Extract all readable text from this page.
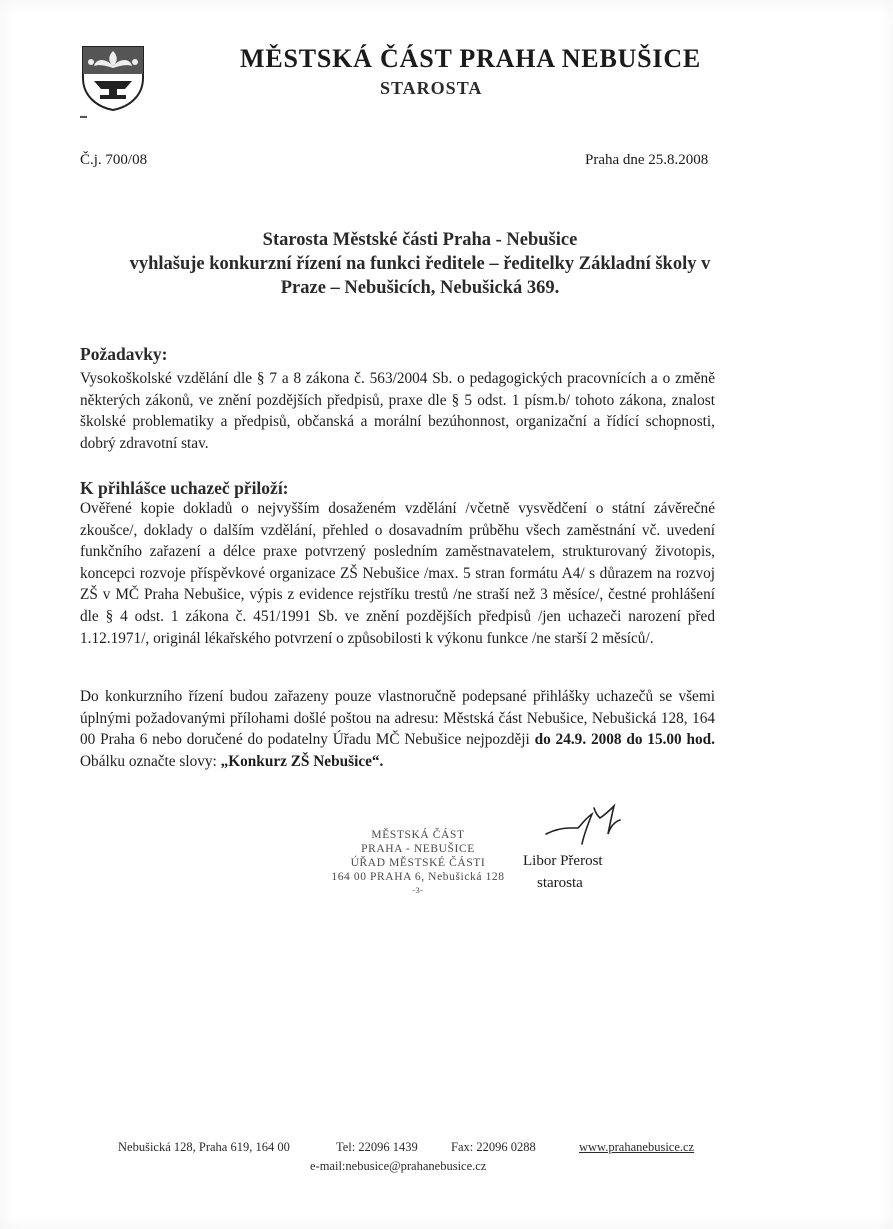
▬
MĚSTSKÁ ČÁST PRAHA NEBUŠICE
STAROSTA
Č.j. 700/08	Praha dne 25.8.2008
Starosta Městské části Praha - Nebušice
vyhlašuje konkurzní řízení na funkci ředitele – ředitelky Základní školy v
Praze – Nebušicích, Nebušická 369.
Požadavky:
Vysokoškolské vzdělání dle § 7 a 8 zákona č. 563/2004 Sb. o pedagogických pracovnících a o změně některých zákonů, ve znění pozdějších předpisů, praxe dle § 5 odst. 1 písm.b/ tohoto zákona, znalost školské problematiky a předpisů, občanská a morální bezúhonnost, organizační a řídící schopnosti, dobrý zdravotní stav.
K přihlášce uchazeč přiloží:
Ověřené kopie dokladů o nejvyšším dosaženém vzdělání /včetně vysvědčení o státní závěrečné zkoušce/, doklady o dalším vzdělání, přehled o dosavadním průběhu všech zaměstnání vč. uvedení funkčního zařazení a délce praxe potvrzený posledním zaměstnavatelem, strukturovaný životopis, koncepci rozvoje příspěvkové organizace ZŠ Nebušice /max. 5 stran formátu A4/ s důrazem na rozvoj ZŠ v MČ Praha Nebušice, výpis z evidence rejstříku trestů /ne straší než 3 měsíce/, čestné prohlášení dle § 4 odst. 1 zákona č. 451/1991 Sb. ve znění pozdějších předpisů /jen uchazeči narození před 1.12.1971/, originál lékařského potvrzení o způsobilosti k výkonu funkce /ne starší 2 měsíců/.
Do konkurzního řízení budou zařazeny pouze vlastnoručně podepsané přihlášky uchazečů se všemi úplnými požadovanými přílohami došlé poštou na adresu: Městská část Nebušice, Nebušická 128, 164 00 Praha 6 nebo doručené do podatelny Úřadu MČ Nebušice nejpozději do 24.9. 2008 do 15.00 hod. Obálku označte slovy: „Konkurz ZŠ Nebušice“.
MĚSTSKÁ ČÁST
PRAHA - NEBUŠICE
ÚŘAD MĚSTSKÉ ČÁSTI
164 00 PRAHA 6, Nebušická 128
-3-
Libor Přerost
starosta
Nebušická 128, Praha 619, 164 00	Tel: 22096 1439	Fax: 22096 0288	www.prahanebusice.cz
e-mail:nebusice@prahanebusice.cz
